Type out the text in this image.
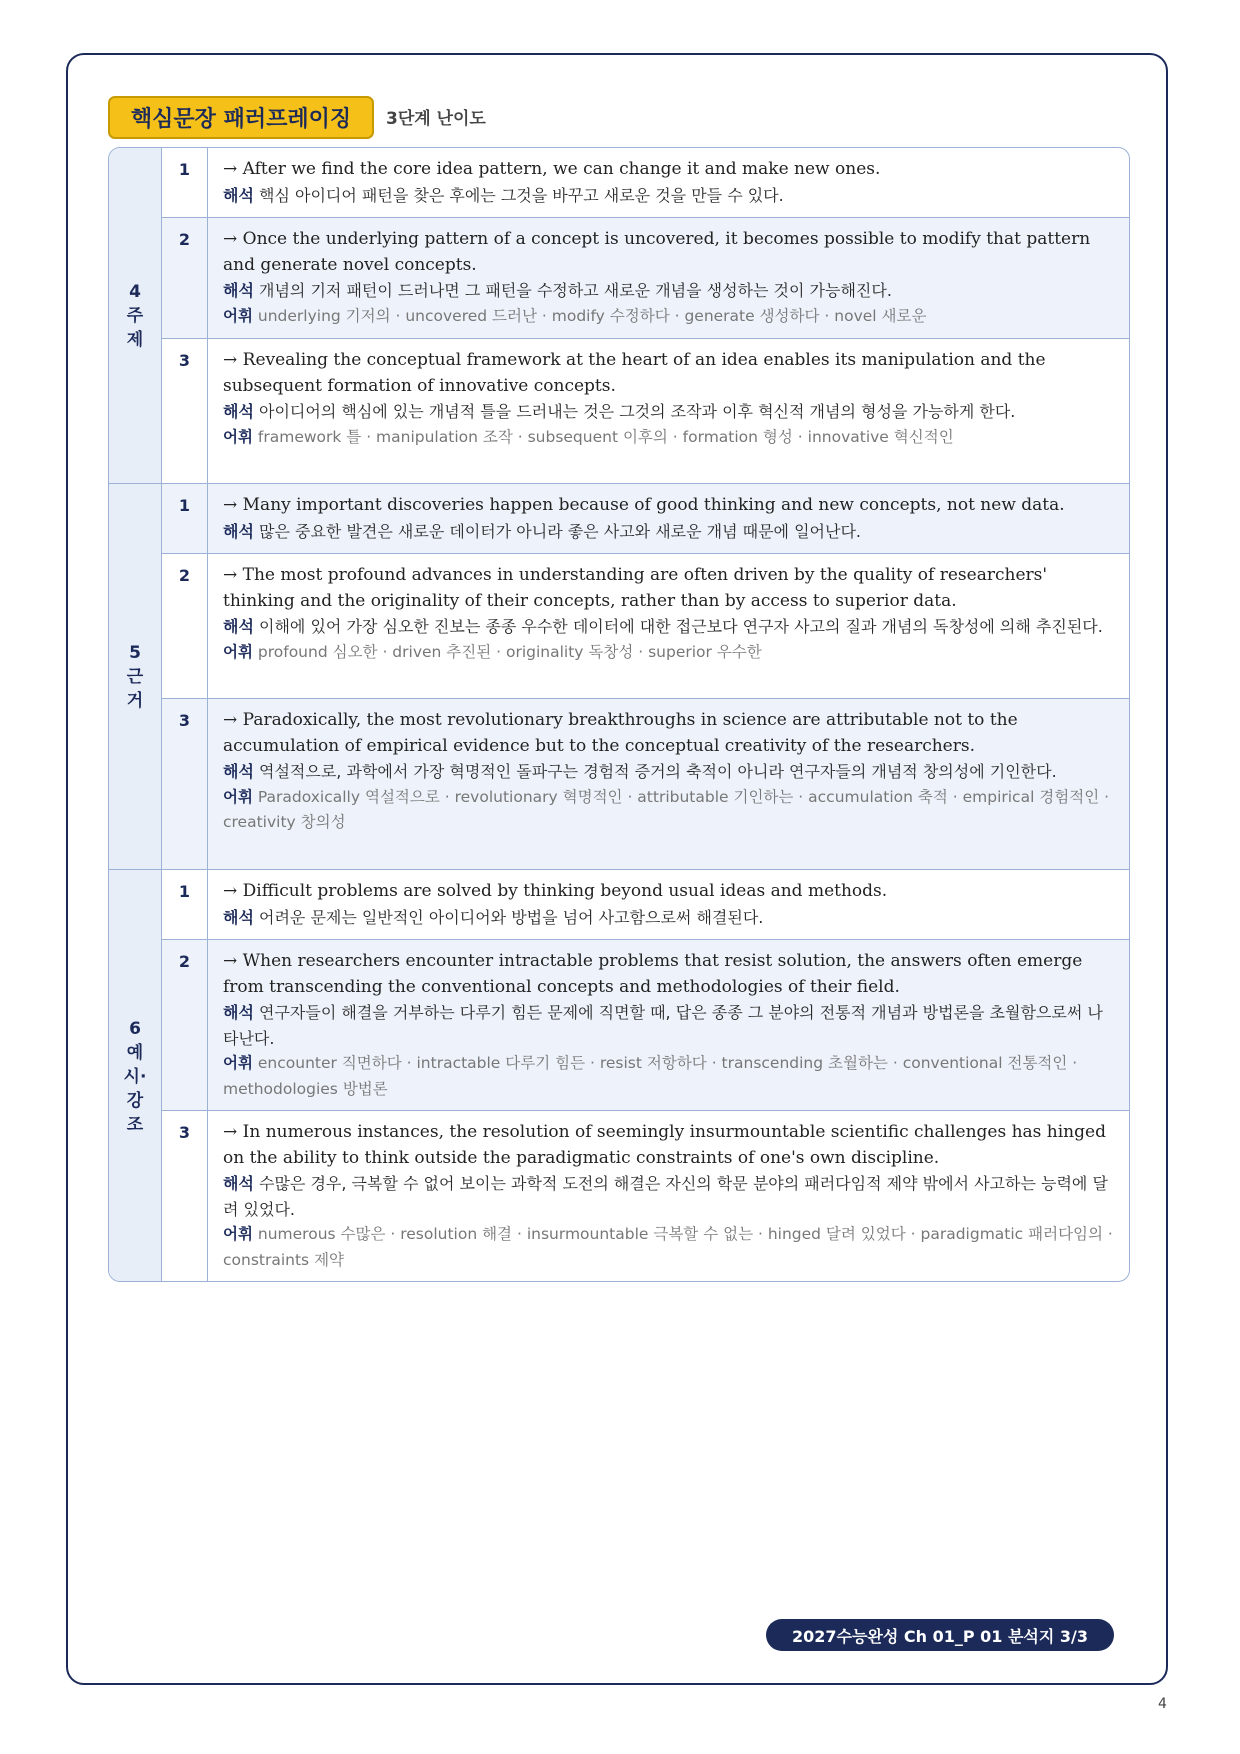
핵심문장 패러프레이징	3단계 난이도
4
주
제
1	→ After we find the core idea pattern, we can change it and make new ones.
해석 핵심 아이디어 패턴을 찾은 후에는 그것을 바꾸고 새로운 것을 만들 수 있다.
2	→ Once the underlying pattern of a concept is uncovered, it becomes possible to modify that pattern and generate novel concepts.
해석 개념의 기저 패턴이 드러나면 그 패턴을 수정하고 새로운 개념을 생성하는 것이 가능해진다.
어휘 underlying 기저의 · uncovered 드러난 · modify 수정하다 · generate 생성하다 · novel 새로운
3	→ Revealing the conceptual framework at the heart of an idea enables its manipulation and the subsequent formation of innovative concepts.
해석 아이디어의 핵심에 있는 개념적 틀을 드러내는 것은 그것의 조작과 이후 혁신적 개념의 형성을 가능하게 한다.
어휘 framework 틀 · manipulation 조작 · subsequent 이후의 · formation 형성 · innovative 혁신적인
5
근
거
1	→ Many important discoveries happen because of good thinking and new concepts, not new data.
해석 많은 중요한 발견은 새로운 데이터가 아니라 좋은 사고와 새로운 개념 때문에 일어난다.
2	→ The most profound advances in understanding are often driven by the quality of researchers' thinking and the originality of their concepts, rather than by access to superior data.
해석 이해에 있어 가장 심오한 진보는 종종 우수한 데이터에 대한 접근보다 연구자 사고의 질과 개념의 독창성에 의해 추진된다.
어휘 profound 심오한 · driven 추진된 · originality 독창성 · superior 우수한
3	→ Paradoxically, the most revolutionary breakthroughs in science are attributable not to the accumulation of empirical evidence but to the conceptual creativity of the researchers.
해석 역설적으로, 과학에서 가장 혁명적인 돌파구는 경험적 증거의 축적이 아니라 연구자들의 개념적 창의성에 기인한다.
어휘 Paradoxically 역설적으로 · revolutionary 혁명적인 · attributable 기인하는 · accumulation 축적 · empirical 경험적인 · creativity 창의성
6
예
시·
강
조
1	→ Difficult problems are solved by thinking beyond usual ideas and methods.
해석 어려운 문제는 일반적인 아이디어와 방법을 넘어 사고함으로써 해결된다.
2	→ When researchers encounter intractable problems that resist solution, the answers often emerge from transcending the conventional concepts and methodologies of their field.
해석 연구자들이 해결을 거부하는 다루기 힘든 문제에 직면할 때, 답은 종종 그 분야의 전통적 개념과 방법론을 초월함으로써 나타난다.
어휘 encounter 직면하다 · intractable 다루기 힘든 · resist 저항하다 · transcending 초월하는 · conventional 전통적인 · methodologies 방법론
3	→ In numerous instances, the resolution of seemingly insurmountable scientific challenges has hinged on the ability to think outside the paradigmatic constraints of one's own discipline.
해석 수많은 경우, 극복할 수 없어 보이는 과학적 도전의 해결은 자신의 학문 분야의 패러다임적 제약 밖에서 사고하는 능력에 달려 있었다.
어휘 numerous 수많은 · resolution 해결 · insurmountable 극복할 수 없는 · hinged 달려 있었다 · paradigmatic 패러다임의 · constraints 제약
2027수능완성 Ch 01_P 01 분석지 3/3
4
